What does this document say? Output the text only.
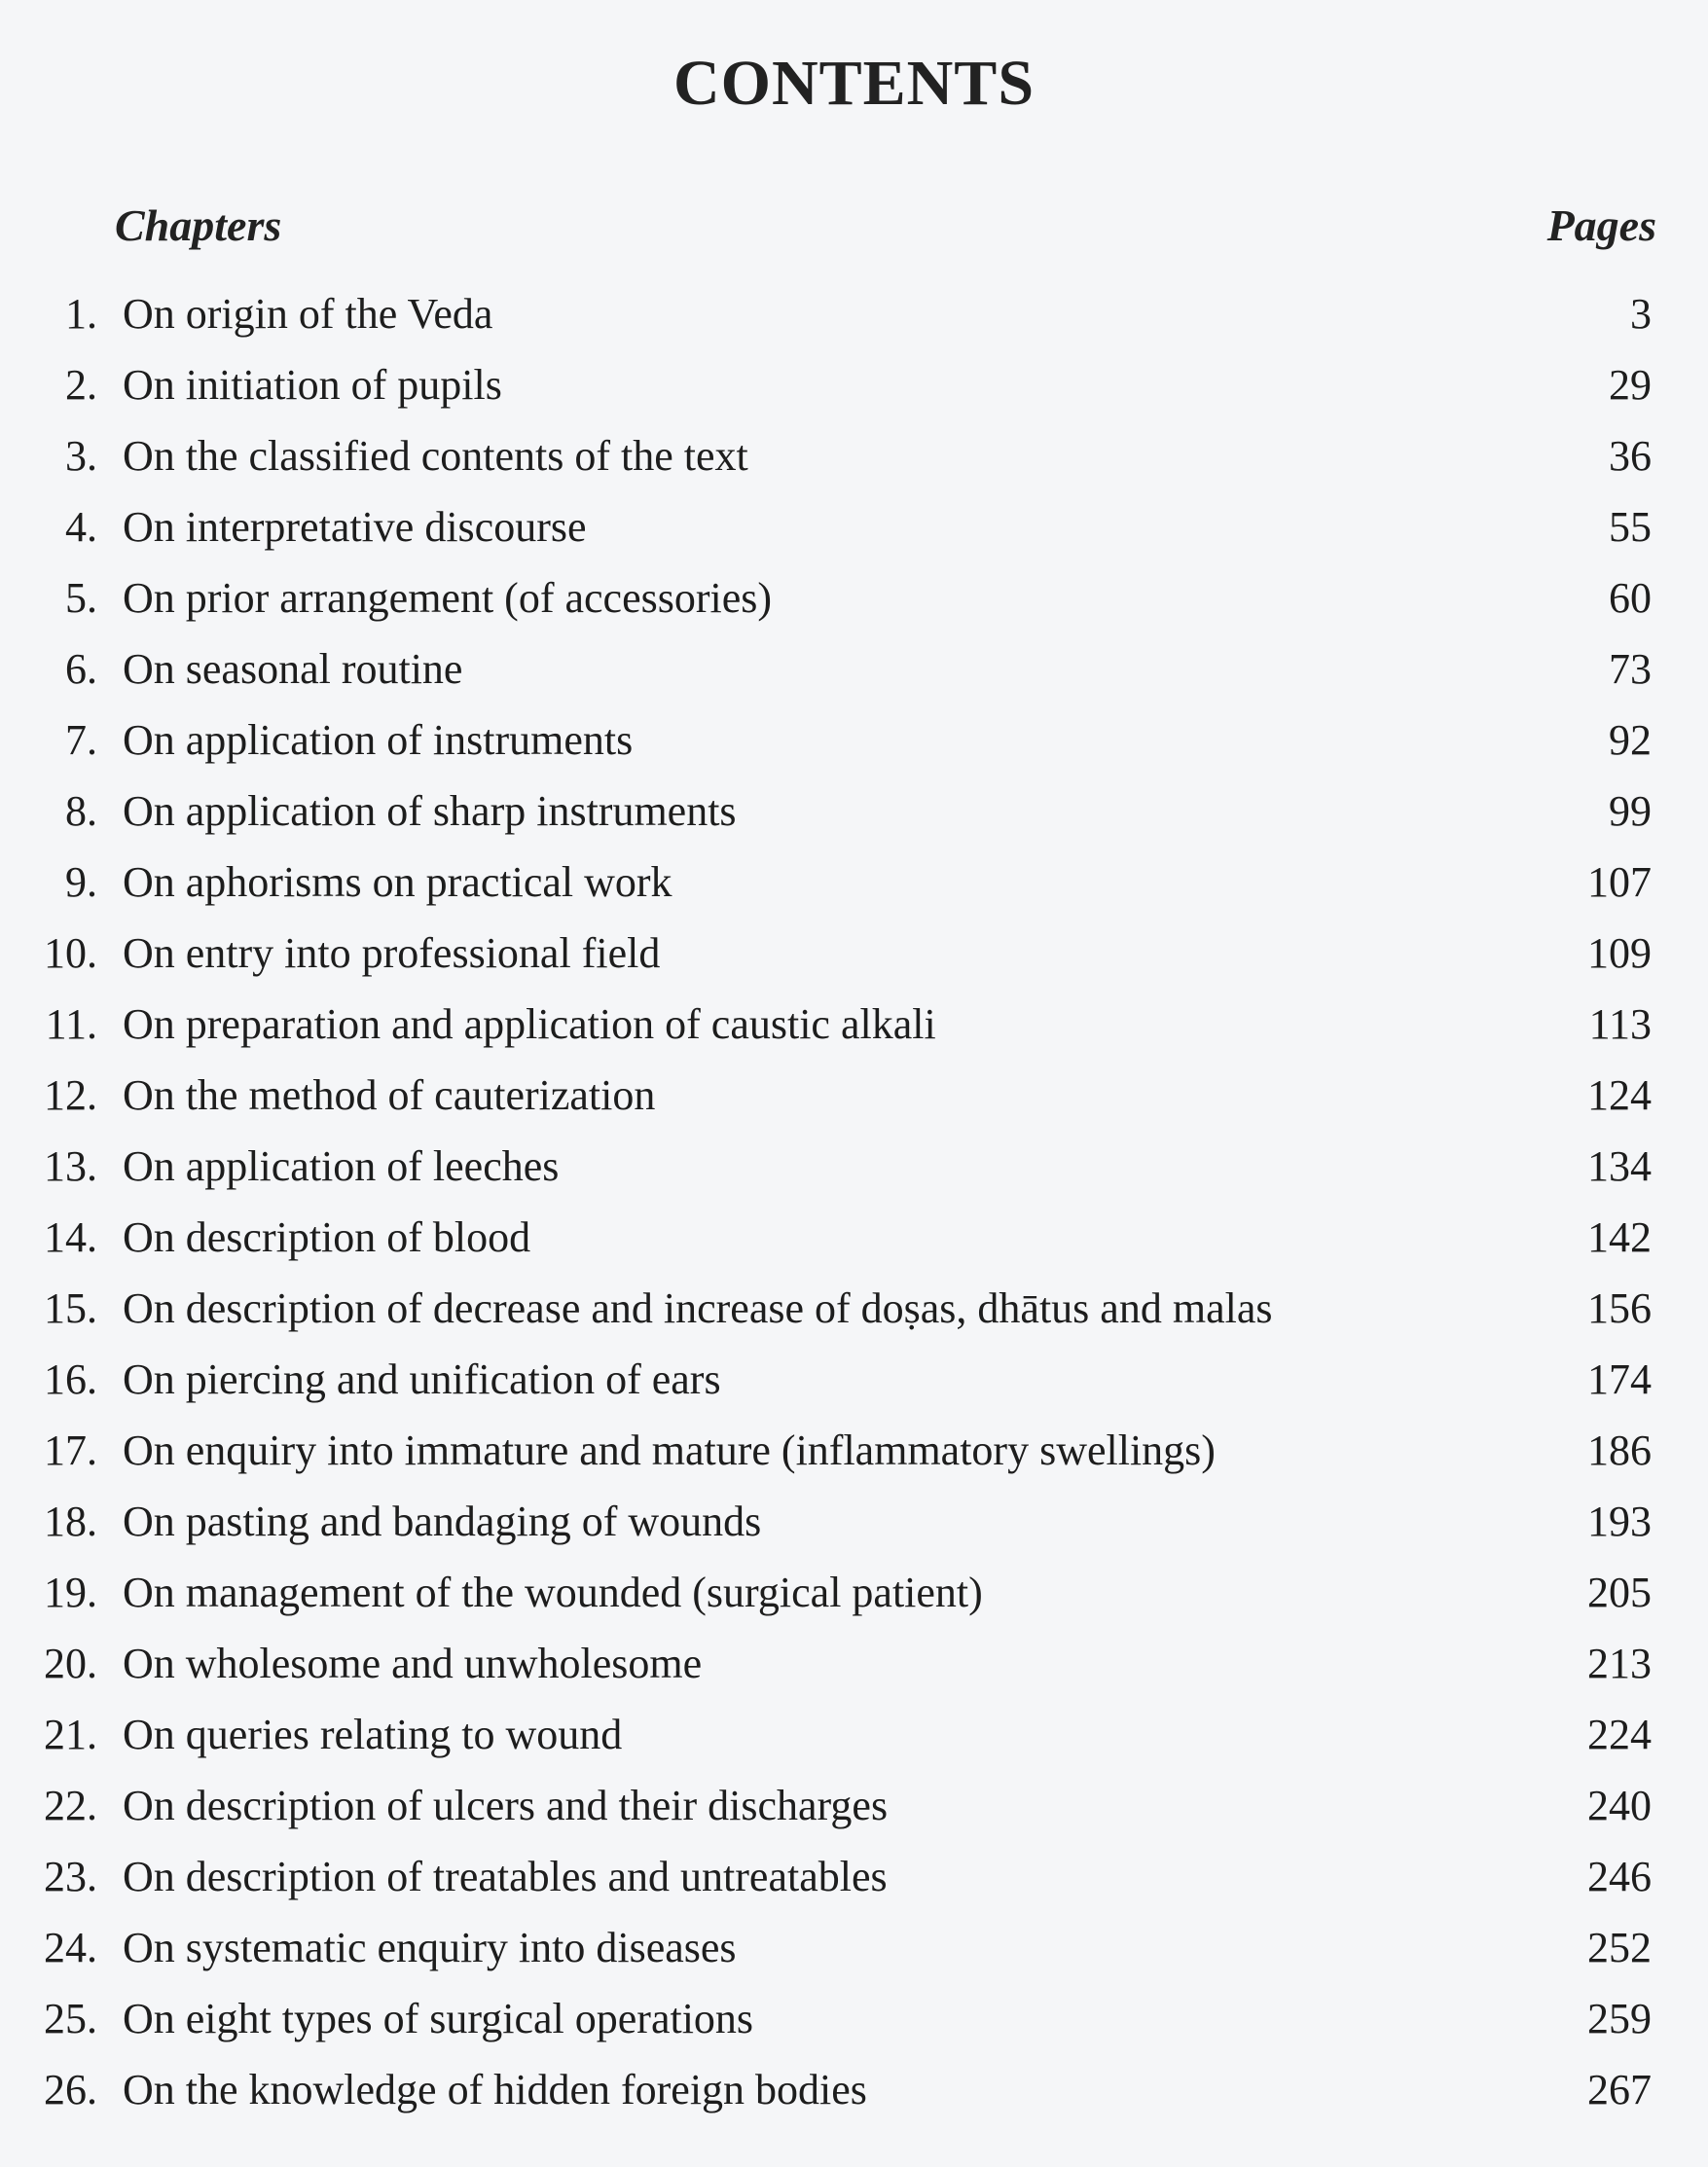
CONTENTS
Chapters	Pages
1. On origin of the Veda	3
2. On initiation of pupils	29
3. On the classified contents of the text	36
4. On interpretative discourse	55
5. On prior arrangement (of accessories)	60
6. On seasonal routine	73
7. On application of instruments	92
8. On application of sharp instruments	99
9. On aphorisms on practical work	107
10. On entry into professional field	109
11. On preparation and application of caustic alkali	113
12. On the method of cauterization	124
13. On application of leeches	134
14. On description of blood	142
15. On description of decrease and increase of doṣas, dhātus and malas	156
16. On piercing and unification of ears	174
17. On enquiry into immature and mature (inflammatory swellings)	186
18. On pasting and bandaging of wounds	193
19. On management of the wounded (surgical patient)	205
20. On wholesome and unwholesome	213
21. On queries relating to wound	224
22. On description of ulcers and their discharges	240
23. On description of treatables and untreatables	246
24. On systematic enquiry into diseases	252
25. On eight types of surgical operations	259
26. On the knowledge of hidden foreign bodies	267
